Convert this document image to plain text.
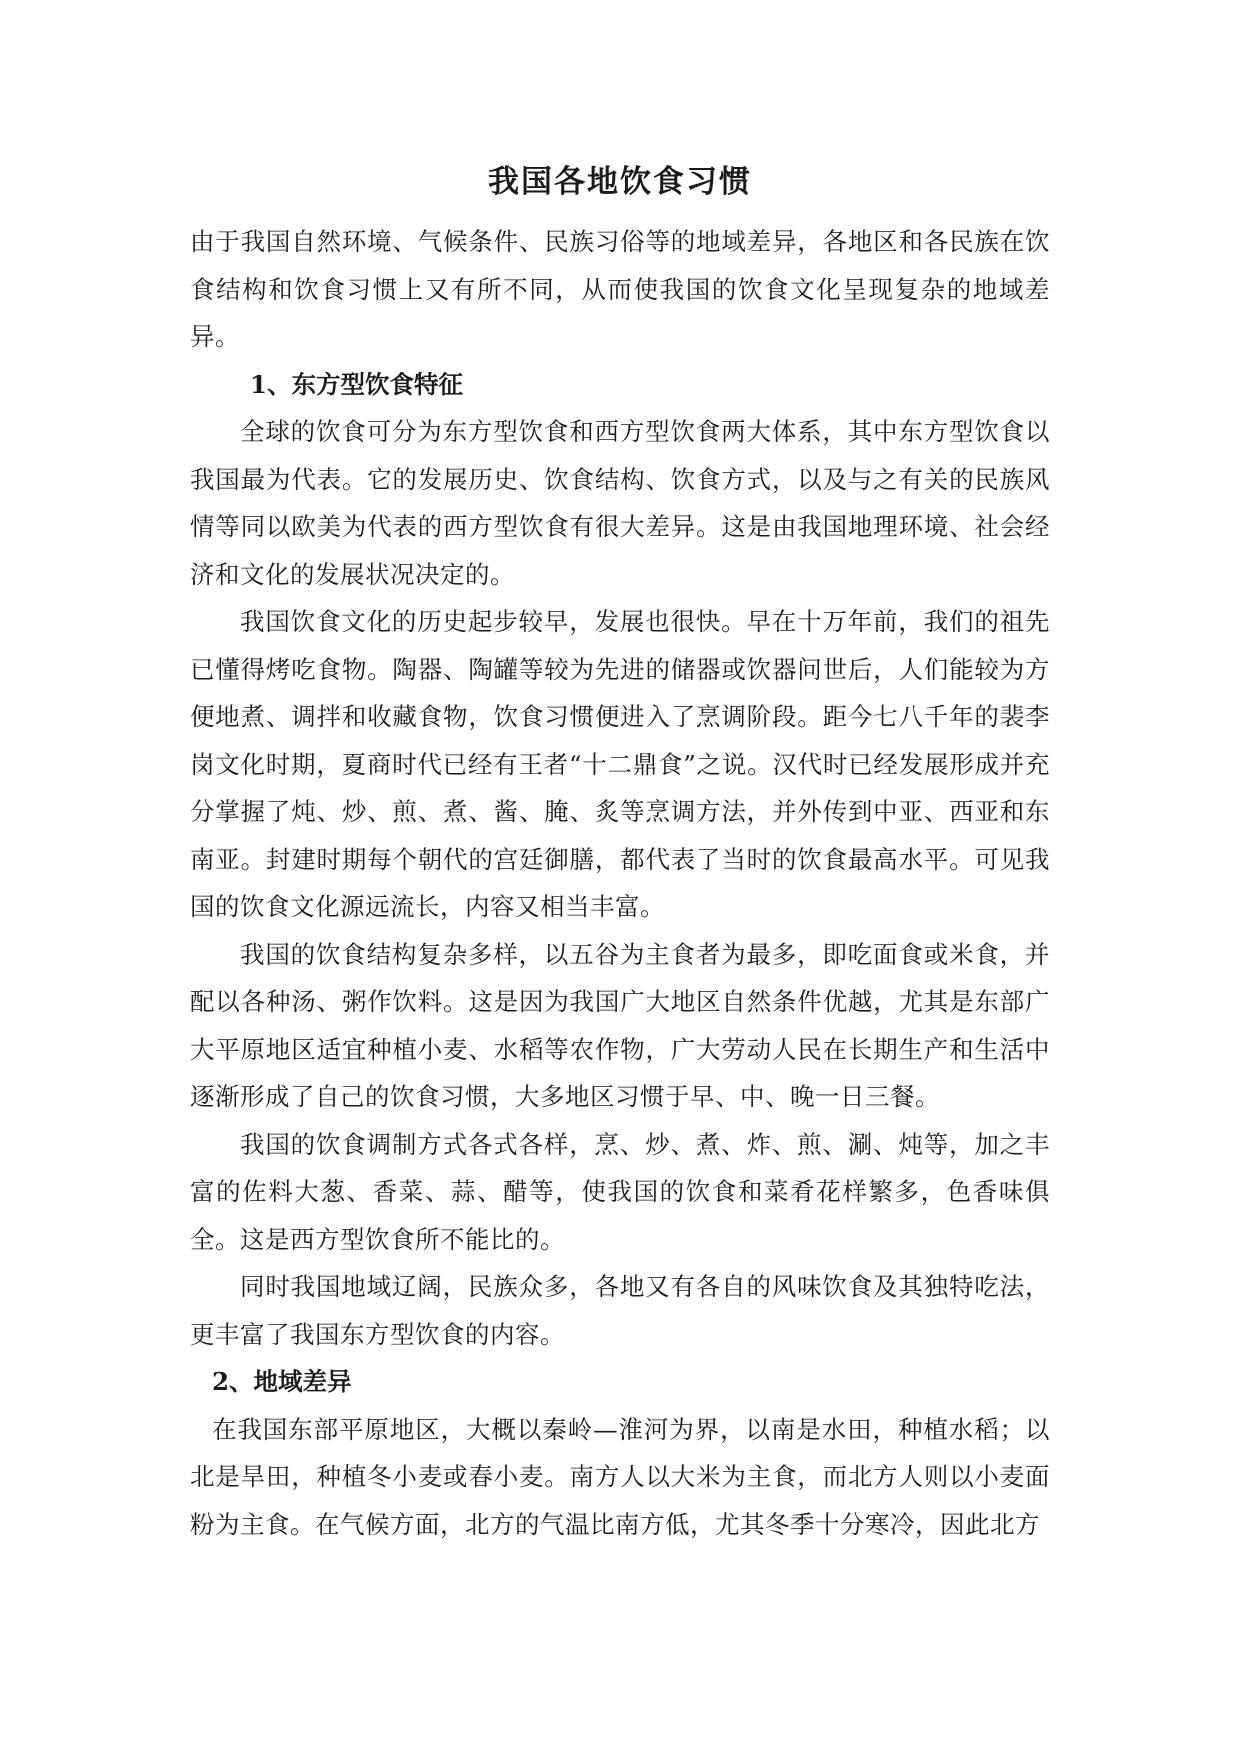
我国各地饮食习惯

由于我国自然环境、气候条件、民族习俗等的地域差异，各地区和各民族在饮食结构和饮食习惯上又有所不同，从而使我国的饮食文化呈现复杂的地域差异。

1、东方型饮食特征

全球的饮食可分为东方型饮食和西方型饮食两大体系，其中东方型饮食以我国最为代表。它的发展历史、饮食结构、饮食方式，以及与之有关的民族风情等同以欧美为代表的西方型饮食有很大差异。这是由我国地理环境、社会经济和文化的发展状况决定的。

我国饮食文化的历史起步较早，发展也很快。早在十万年前，我们的祖先已懂得烤吃食物。陶器、陶罐等较为先进的储器或饮器问世后，人们能较为方便地煮、调拌和收藏食物，饮食习惯便进入了烹调阶段。距今七八千年的裴李岗文化时期，夏商时代已经有王者“十二鼎食”之说。汉代时已经发展形成并充分掌握了炖、炒、煎、煮、酱、腌、炙等烹调方法，并外传到中亚、西亚和东南亚。封建时期每个朝代的宫廷御膳，都代表了当时的饮食最高水平。可见我国的饮食文化源远流长，内容又相当丰富。

我国的饮食结构复杂多样，以五谷为主食者为最多，即吃面食或米食，并配以各种汤、粥作饮料。这是因为我国广大地区自然条件优越，尤其是东部广大平原地区适宜种植小麦、水稻等农作物，广大劳动人民在长期生产和生活中逐渐形成了自己的饮食习惯，大多地区习惯于早、中、晚一日三餐。

我国的饮食调制方式各式各样，烹、炒、煮、炸、煎、涮、炖等，加之丰富的佐料大葱、香菜、蒜、醋等，使我国的饮食和菜肴花样繁多，色香味俱全。这是西方型饮食所不能比的。

同时我国地域辽阔，民族众多，各地又有各自的风味饮食及其独特吃法，更丰富了我国东方型饮食的内容。

2、地域差异

在我国东部平原地区，大概以秦岭—淮河为界，以南是水田，种植水稻；以北是旱田，种植冬小麦或春小麦。南方人以大米为主食，而北方人则以小麦面粉为主食。在气候方面，北方的气温比南方低，尤其冬季十分寒冷，因此北方
